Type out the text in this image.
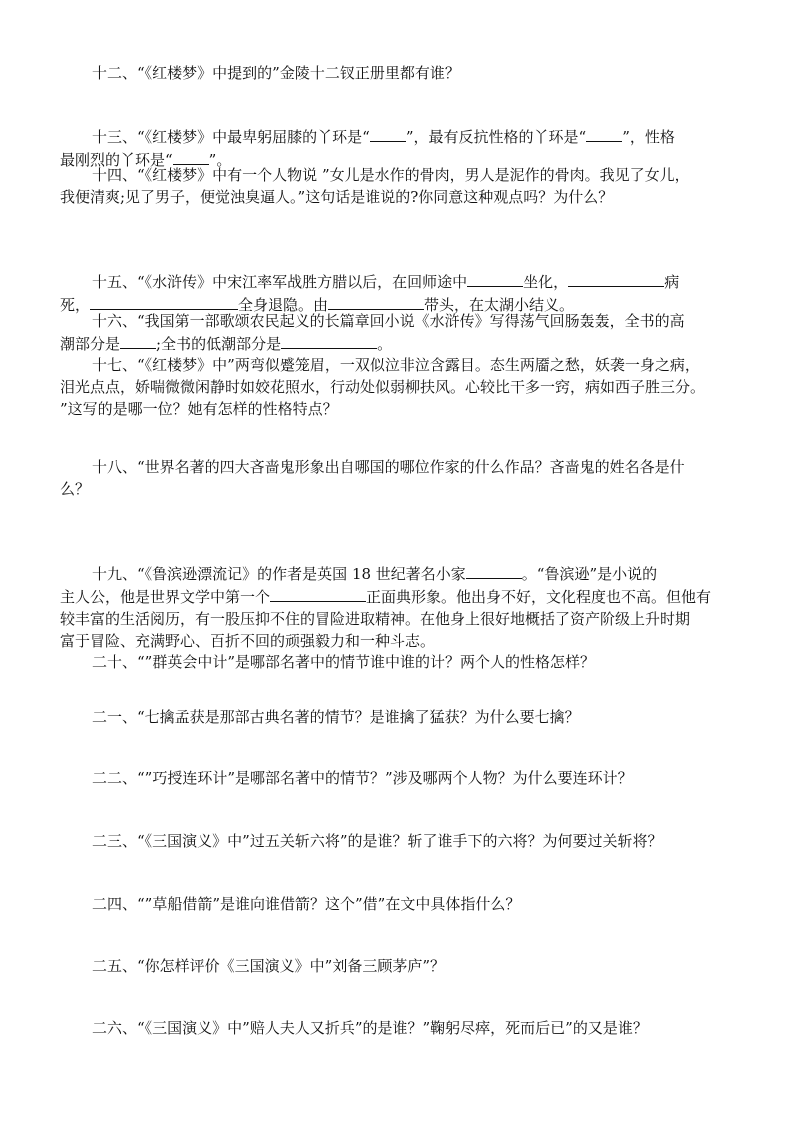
十二、“《红楼梦》中提到的”金陵十二钗正册里都有谁？

十三、“《红楼梦》中最卑躬屈膝的丫环是“ ”，最有反抗性格的丫环是“ ”，性格
最刚烈的丫环是“ ”。

十四、“《红楼梦》中有一个人物说 ”女儿是水作的骨肉，男人是泥作的骨肉。我见了女儿，
我便清爽;见了男子，便觉浊臭逼人。”这句话是谁说的?你同意这种观点吗？为什么？

十五、“《水浒传》中宋江率军战胜方腊以后，在回师途中	坐化，	病
死，	全身退隐。由	带头，在太湖小结义。

十六、“我国第一部歌颂农民起义的长篇章回小说《水浒传》写得荡气回肠轰轰，全书的高
潮部分是 ;全书的低潮部分是	。

十七、“《红楼梦》中”两弯似蹙笼眉，一双似泣非泣含露目。态生两靥之愁，妖袭一身之病，
泪光点点，娇喘微微闲静时如姣花照水，行动处似弱柳扶风。心较比干多一窍，病如西子胜三分。
”这写的是哪一位？她有怎样的性格特点？

十八、“世界名著的四大吝啬鬼形象出自哪国的哪位作家的什么作品？吝啬鬼的姓名各是什
么？

十九、“《鲁滨逊漂流记》的作者是英国 18 世纪著名小家	。“鲁滨逊”是小说的
主人公，他是世界文学中第一个	正面典形象。他出身不好，文化程度也不高。但他有
较丰富的生活阅历，有一股压抑不住的冒险进取精神。在他身上很好地概括了资产阶级上升时期
富于冒险、充满野心、百折不回的顽强毅力和一种斗志。

二十、“”群英会中计”是哪部名著中的情节谁中谁的计？两个人的性格怎样？

二一、“七擒孟获是那部古典名著的情节？是谁擒了猛获？为什么要七擒？

二二、“”巧授连环计”是哪部名著中的情节？”涉及哪两个人物？为什么要连环计？

二三、“《三国演义》中”过五关斩六将”的是谁？斩了谁手下的六将？为何要过关斩将？

二四、“”草船借箭”是谁向谁借箭？这个”借”在文中具体指什么？

二五、“你怎样评价《三国演义》中”刘备三顾茅庐”？

二六、“《三国演义》中”赔人夫人又折兵”的是谁？”鞠躬尽瘁，死而后已”的又是谁？
